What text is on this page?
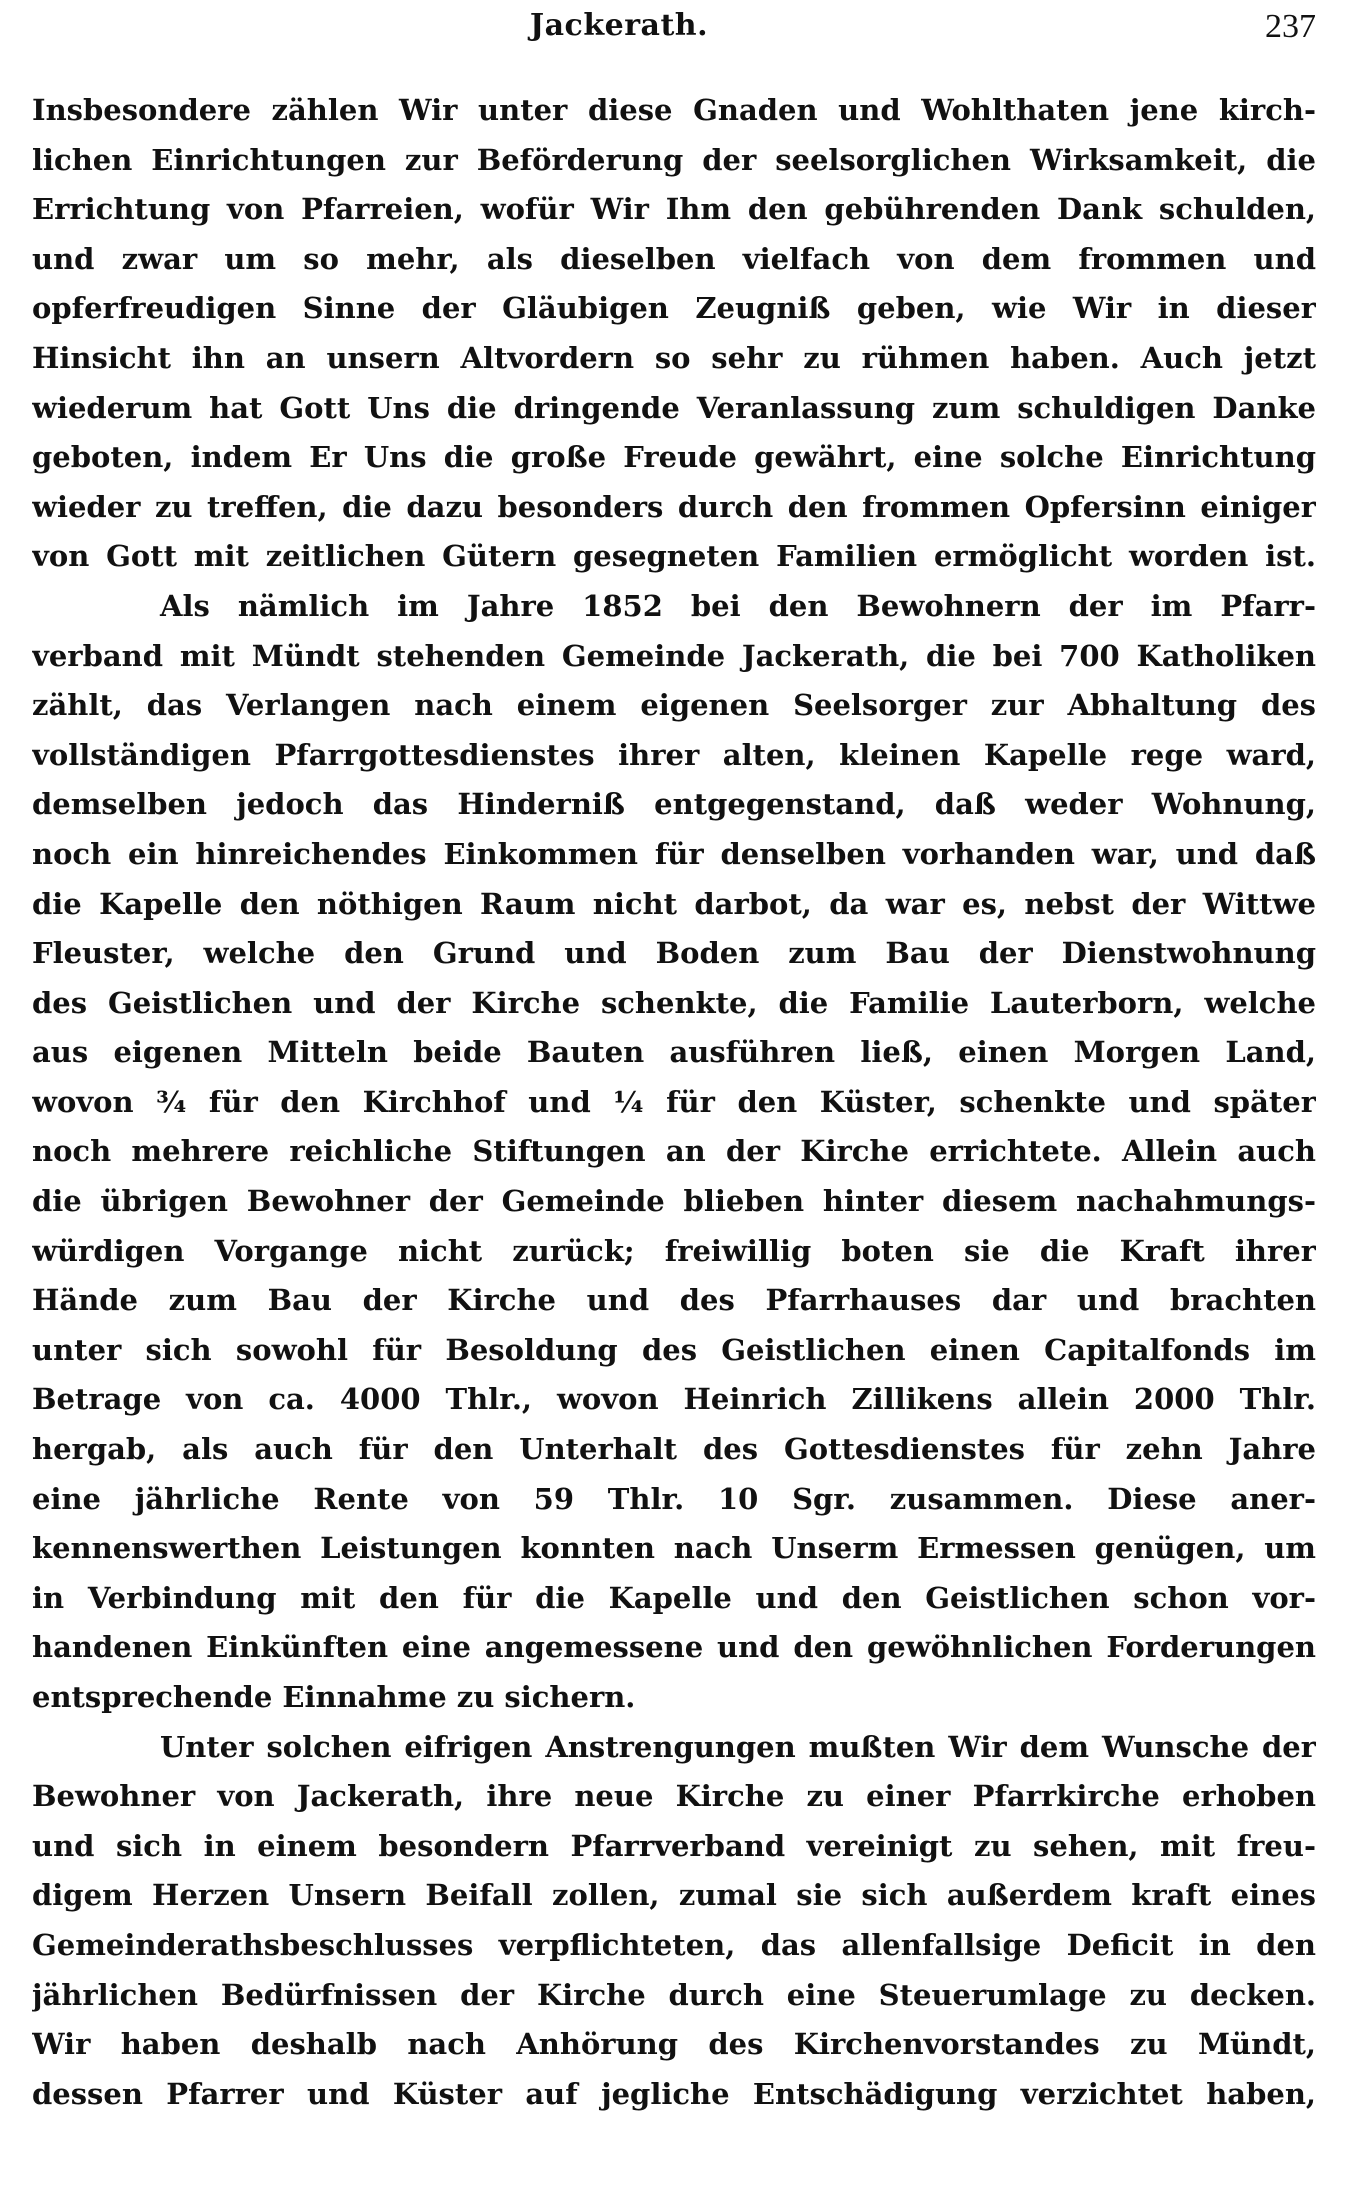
Jackerath.	237
Insbesondere zählen Wir unter diese Gnaden und Wohlthaten jene kirch-
lichen Einrichtungen zur Beförderung der seelsorglichen Wirksamkeit, die
Errichtung von Pfarreien, wofür Wir Ihm den gebührenden Dank schulden,
und zwar um so mehr, als dieselben vielfach von dem frommen und
opferfreudigen Sinne der Gläubigen Zeugniß geben, wie Wir in dieser
Hinsicht ihn an unsern Altvordern so sehr zu rühmen haben. Auch jetzt
wiederum hat Gott Uns die dringende Veranlassung zum schuldigen Danke
geboten, indem Er Uns die große Freude gewährt, eine solche Einrichtung
wieder zu treffen, die dazu besonders durch den frommen Opfersinn einiger
von Gott mit zeitlichen Gütern gesegneten Familien ermöglicht worden ist.
Als nämlich im Jahre 1852 bei den Bewohnern der im Pfarr-
verband mit Mündt stehenden Gemeinde Jackerath, die bei 700 Katholiken
zählt, das Verlangen nach einem eigenen Seelsorger zur Abhaltung des
vollständigen Pfarrgottesdienstes ihrer alten, kleinen Kapelle rege ward,
demselben jedoch das Hinderniß entgegenstand, daß weder Wohnung,
noch ein hinreichendes Einkommen für denselben vorhanden war, und daß
die Kapelle den nöthigen Raum nicht darbot, da war es, nebst der Wittwe
Fleuster, welche den Grund und Boden zum Bau der Dienstwohnung
des Geistlichen und der Kirche schenkte, die Familie Lauterborn, welche
aus eigenen Mitteln beide Bauten ausführen ließ, einen Morgen Land,
wovon ¾ für den Kirchhof und ¼ für den Küster, schenkte und später
noch mehrere reichliche Stiftungen an der Kirche errichtete. Allein auch
die übrigen Bewohner der Gemeinde blieben hinter diesem nachahmungs-
würdigen Vorgange nicht zurück; freiwillig boten sie die Kraft ihrer
Hände zum Bau der Kirche und des Pfarrhauses dar und brachten
unter sich sowohl für Besoldung des Geistlichen einen Capitalfonds im
Betrage von ca. 4000 Thlr., wovon Heinrich Zillikens allein 2000 Thlr.
hergab, als auch für den Unterhalt des Gottesdienstes für zehn Jahre
eine jährliche Rente von 59 Thlr. 10 Sgr. zusammen. Diese aner-
kennenswerthen Leistungen konnten nach Unserm Ermessen genügen, um
in Verbindung mit den für die Kapelle und den Geistlichen schon vor-
handenen Einkünften eine angemessene und den gewöhnlichen Forderungen
entsprechende Einnahme zu sichern.
Unter solchen eifrigen Anstrengungen mußten Wir dem Wunsche der
Bewohner von Jackerath, ihre neue Kirche zu einer Pfarrkirche erhoben
und sich in einem besondern Pfarrverband vereinigt zu sehen, mit freu-
digem Herzen Unsern Beifall zollen, zumal sie sich außerdem kraft eines
Gemeinderathsbeschlusses verpflichteten, das allenfallsige Deficit in den
jährlichen Bedürfnissen der Kirche durch eine Steuerumlage zu decken.
Wir haben deshalb nach Anhörung des Kirchenvorstandes zu Mündt,
dessen Pfarrer und Küster auf jegliche Entschädigung verzichtet haben,
